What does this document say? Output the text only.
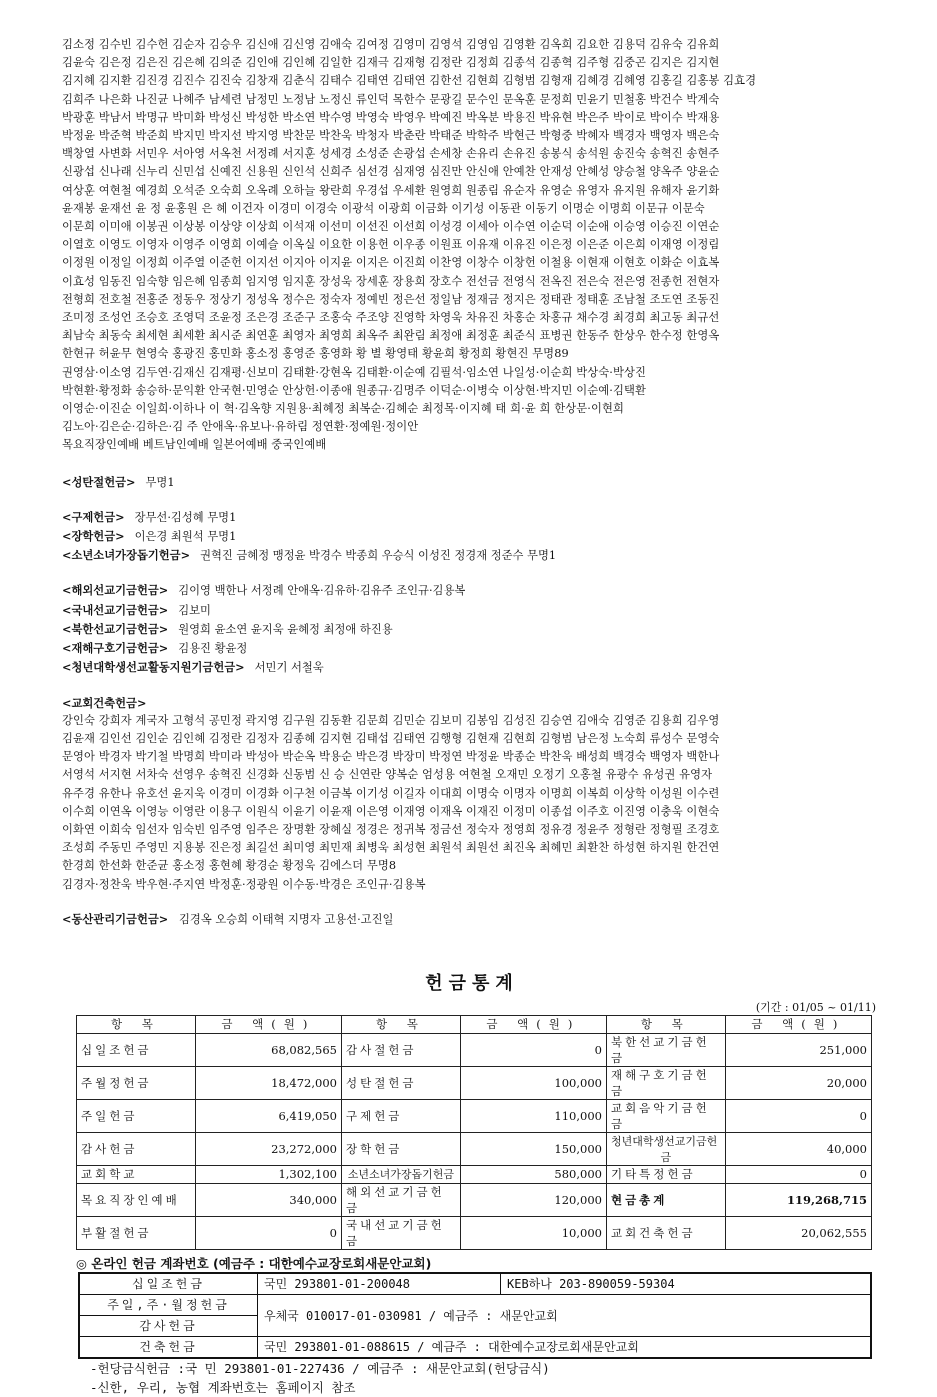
김소정 김수빈 김수헌 김순자 김승우 김신애 김신영 김애숙 김여정 김영미 김영석 김영임 김영환 김옥희 김요한 김용덕 김유숙 김유희
김윤숙 김은정 김은진 김은혜 김의준 김인애 김인혜 김일한 김재극 김재형 김정란 김정희 김종석 김종혁 김주형 김중곤 김지은 김지현
김지혜 김지환 김진경 김진수 김진숙 김창재 김춘식 김태수 김태연 김태연 김한선 김현희 김형범 김형재 김혜경 김혜영 김홍길 김홍봉 김효경
김희주 나은화 나진균 나혜주 남세련 남정민 노정남 노정신 류인덕 목한수 문광길 문수인 문옥훈 문정희 민윤기 민철홍 박건수 박계숙
박광훈 박남서 박명규 박미화 박성신 박성한 박소연 박수영 박영숙 박영우 박예진 박옥분 박용진 박유현 박은주 박이로 박이수 박재용
박정윤 박준혁 박준희 박지민 박지선 박지영 박찬문 박찬욱 박청자 박춘란 박태준 박학주 박현근 박형중 박혜자 백경자 백영자 백은숙
백창열 사변화 서민우 서아영 서옥천 서정례 서지훈 성세경 소성준 손광섭 손세창 손유리 손유진 송봉식 송석원 송진숙 송혁진 송현주
신광섭 신나래 신누리 신민섭 신예진 신용원 신인석 신희주 심선경 심재영 심진만 안신애 안예찬 안재성 안혜성 양승철 양옥주 양윤순
여상훈 여현철 예경희 오석준 오숙희 오옥례 오하늘 왕란희 우경섭 우세환 원영희 원종림 유순자 유영순 유영자 유지원 유해자 윤기화
윤재봉 윤재선 윤 정 윤홍원 은 혜 이건자 이경미 이경숙 이광석 이광희 이금화 이기성 이동관 이동기 이명순 이명희 이문규 이문숙
이문희 이미애 이봉권 이상봉 이상양 이상희 이석재 이선미 이선진 이선희 이성경 이세아 이수연 이순덕 이순애 이승영 이승진 이연순
이열호 이영도 이영자 이영주 이영희 이예슬 이옥실 이요한 이용헌 이우종 이원표 이유재 이유진 이은정 이은준 이은희 이재영 이정림
이정원 이정일 이정희 이주열 이준헌 이지선 이지아 이지윤 이지은 이진희 이찬영 이창수 이창헌 이철용 이현재 이현호 이화순 이효복
이효성 임동진 임숙향 임은혜 임종희 임지영 임지훈 장성욱 장세훈 장용희 장호수 전선금 전영식 전옥진 전은숙 전은영 전종헌 전현자
전형희 전호철 전홍준 정동우 정상기 정성옥 정수은 정숙자 정예빈 정은선 정일남 정재금 정지은 정태관 정태훈 조남철 조도연 조동진
조미정 조성언 조승호 조영덕 조윤정 조은경 조준구 조홍숙 주조양 진영학 차영욱 차유진 차홍순 차홍규 채수경 최경희 최고동 최규선
최남숙 최동숙 최세현 최세환 최시준 최연훈 최영자 최영희 최옥주 최완림 최정애 최정훈 최준식 표병권 한동주 한상우 한수정 한영옥
한현규 허윤무 현영숙 홍광진 홍민화 홍소정 홍영준 홍영화 황 별 황영태 황윤희 황정희 황현진 무명89
권영삼·이소영 김두연·김재신 김재평·신보미 김태환·강현옥 김태환·이순예 김필석·임소연 나일성·이순희 박상숙·박상진
박현환·황정화 송승하·문익환 안국현·민영순 안상헌·이종애 원종규·김명주 이덕순·이병숙 이상현·박지민 이순예·김택환
이영순·이진순 이일희·이하나 이 혁·김옥향 지원용·최혜정 최복순·김혜순 최정목·이지혜 태 희·윤 희 한상문·이현희
김노아·김은순·김하은·김 주 안애옥·유보나·유하림 정연환·정예원·정이안
목요직장인예배 베트남인예배 일본어예배 중국인예배
<성탄절헌금> 무명1
<구제헌금> 장무선·김성혜 무명1
<장학헌금> 이은경 최원석 무명1
<소년소녀가장돕기헌금> 권혁진 금혜정 맹정윤 박경수 박종희 우승식 이성진 정경재 정준수 무명1
<해외선교기금헌금> 김이영 백한나 서정례 안애옥·김유하·김유주 조인규·김용복
<국내선교기금헌금> 김보미
<북한선교기금헌금> 원영희 윤소연 윤지욱 윤혜정 최정애 하진용
<재해구호기금헌금> 김용진 황윤정
<청년대학생선교활동지원기금헌금> 서민기 서철욱
<교회건축헌금>
강인숙 강희자 계국자 고형석 공민정 곽지영 김구원 김동환 김문희 김민순 김보미 김봉임 김성진 김승연 김애숙 김영준 김용희 김우영
김윤재 김인선 김인순 김인혜 김정란 김정자 김종혜 김지현 김태섭 김태연 김행형 김현재 김현희 김형범 남은정 노숙희 류성수 문영숙
문영아 박경자 박기철 박명희 박미라 박성아 박순옥 박용순 박은경 박장미 박정연 박정윤 박종순 박찬욱 배성희 백경숙 백영자 백한나
서영석 서지현 서차숙 선영우 송혁진 신경화 신동범 신 승 신연란 양복순 엄성용 여현철 오재민 오정기 오홍철 유광수 유성권 유영자
유주경 유한나 유호선 윤지욱 이경미 이경화 이구천 이금복 이기성 이길자 이대희 이명숙 이명자 이명희 이복희 이상학 이성원 이수련
이수희 이연옥 이영능 이영란 이용구 이원식 이윤기 이윤재 이은영 이재영 이재옥 이재진 이정미 이종섭 이주호 이진영 이충욱 이현숙
이화연 이희숙 임선자 임숙빈 임주영 임주은 장명환 장혜실 정경은 정귀복 정금선 정숙자 정영희 정유경 정윤주 정형란 정형필 조경호
조성희 주동민 주영민 지용봉 진은정 최길선 최미영 최민재 최병욱 최성현 최원석 최원선 최진옥 최혜민 최환찬 하성현 하지원 한건연
한경희 한선화 한준균 홍소정 홍현혜 황경순 황정욱 김에스더 무명8
김경자·정찬욱 박우현·주지연 박정훈·정광원 이수동·박경은 조인규·김용복
<동산관리기금헌금> 김경옥 오승희 이태혁 지명자 고용선·고진일
헌금통계
(기간 : 01/05 ~ 01/11)
항 목	금 액(원)	항 목	금 액(원)	항 목	금 액(원)
십일조헌금	68,082,565	감사절헌금	0	북한선교기금헌금	251,000
주월정헌금	18,472,000	성탄절헌금	100,000	재해구호기금헌금	20,000
주일헌금	6,419,050	구제헌금	110,000	교회음악기금헌금	0
감사헌금	23,272,000	장학헌금	150,000	청년대학생선교기금헌금	40,000
교회학교	1,302,100	소년소녀가장돕기헌금	580,000	기타특정헌금	0
목요직장인예배	340,000	해외선교기금헌금	120,000	현금총계	119,268,715
부활절헌금	0	국내선교기금헌금	10,000	교회건축헌금	20,062,555
◎ 온라인 헌금 계좌번호 (예금주 : 대한예수교장로회새문안교회)
십일조헌금	국민 293801-01-200048	KEB하나 203-890059-59304
주일,주·월정헌금	우체국 010017-01-030981 / 예금주 : 새문안교회	
감사헌금		
건축헌금	국민 293801-01-088615 / 예금주 : 대한예수교장로회새문안교회	
-헌당금식헌금 :국 민 293801-01-227436 / 예금주 : 새문안교회(헌당금식)
-신한, 우리, 농협 계좌번호는 홈페이지 참조
